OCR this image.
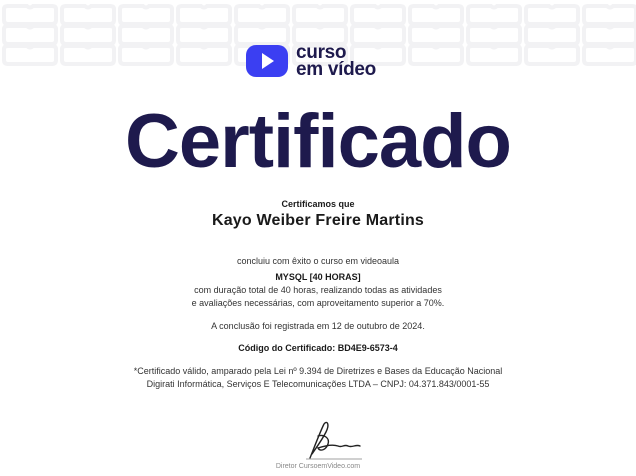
curso
em vídeo
Certificado
Certificamos que
Kayo Weiber Freire Martins
concluiu com êxito o curso em videoaula
MYSQL [40 HORAS]
com duração total de 40 horas, realizando todas as atividades
e avaliações necessárias, com aproveitamento superior a 70%.
A conclusão foi registrada em 12 de outubro de 2024.
Código do Certificado: BD4E9-6573-4
*Certificado válido, amparado pela Lei nº 9.394 de Diretrizes e Bases da Educação Nacional
Digirati Informática, Serviços E Telecomunicações LTDA – CNPJ: 04.371.843/0001-55
Diretor CursoemVideo.com
